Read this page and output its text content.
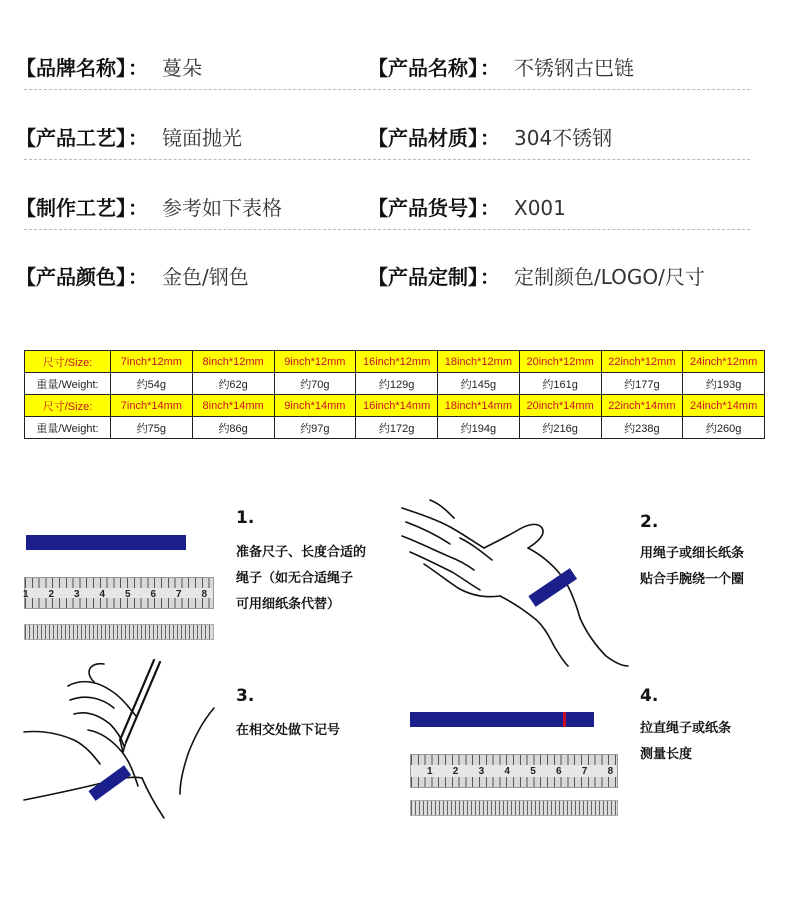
【品牌名称】 ： 蔓朵	【产品名称】 ： 不锈钢古巴链
【产品工艺】 ： 镜面抛光	【产品材质】 ： 304不锈钢
【制作工艺】 ： 参考如下表格	【产品货号】 ： X001
【产品颜色】 ： 金色/钢色	【产品定制】 ： 定制颜色/LOGO/尺寸
尺寸/Size:	7inch*12mm	8inch*12mm	9inch*12mm	16inch*12mm	18inch*12mm	20inch*12mm	22inch*12mm	24inch*12mm
重量/Weight:	约54g	约62g	约70g	约129g	约145g	约161g	约177g	约193g
尺寸/Size:	7inch*14mm	8inch*14mm	9inch*14mm	16inch*14mm	18inch*14mm	20inch*14mm	22inch*14mm	24inch*14mm
重量/Weight:	约75g	约86g	约97g	约172g	约194g	约216g	约238g	约260g
1 2 3 4 5 6 7 8
1.
准备尺子、长度合适的
绳子（如无合适绳子
可用细纸条代替）
2.
用绳子或细长纸条
贴合手腕绕一个圈
3.
在相交处做下记号
1 2 3 4 5 6 7 8
4.
拉直绳子或纸条
测量长度
